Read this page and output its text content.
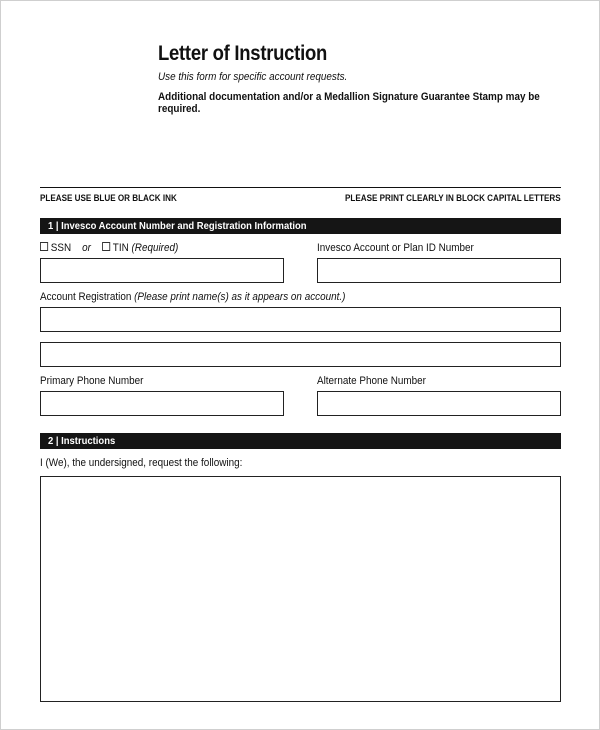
Letter of Instruction
Use this form for specific account requests.
Additional documentation and/or a Medallion Signature Guarantee Stamp may be required.
PLEASE USE BLUE OR BLACK INK	PLEASE PRINT CLEARLY IN BLOCK CAPITAL LETTERS
1 | Invesco Account Number and Registration Information
SSN or TIN (Required)	Invesco Account or Plan ID Number
Account Registration (Please print name(s) as it appears on account.)
Primary Phone Number	Alternate Phone Number
2 | Instructions
I (We), the undersigned, request the following:
